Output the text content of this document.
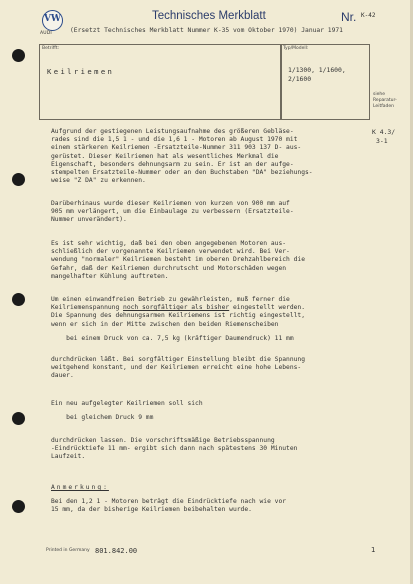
VW
AUDI
Technisches Merkblatt	Nr. K-42
(Ersetzt Technisches Merkblatt Nummer K-35 vom Oktober 1970) Januar 1971
Betrifft:	Typ/Modell:
Keilriemen	1/1300, 1/1600,
2/1600
siehe
Reparatur-
Leitfaden
K 4.3/
3-1
Aufgrund der gestiegenen Leistungsaufnahme des größeren Gebläse-
rades sind die 1,5 1 - und die 1,6 1 - Motoren ab August 1970 mit
einem stärkeren Keilriemen -Ersatzteile-Nummer 311 903 137 D- aus-
gerüstet. Dieser Keilriemen hat als wesentliches Merkmal die
Eigenschaft, besonders dehnungsarm zu sein. Er ist an der aufge-
stempelten Ersatzteile-Nummer oder an den Buchstaben "DA" beziehungs-
weise "Z DA" zu erkennen.
Darüberhinaus wurde dieser Keilriemen von kurzen von 900 mm auf
905 mm verlängert, um die Einbaulage zu verbessern (Ersatzteile-
Nummer unverändert).
Es ist sehr wichtig, daß bei den oben angegebenen Motoren aus-
schließlich der vorgenannte Keilriemen verwendet wird. Bei Ver-
wendung "normaler" Keilriemen besteht im oberen Drehzahlbereich die
Gefahr, daß der Keilriemen durchrutscht und Motorschäden wegen
mangelhafter Kühlung auftreten.
Um einen einwandfreien Betrieb zu gewährleisten, muß ferner die
Keilriemenspannung noch sorgfältiger als bisher eingestellt werden.
Die Spannung des dehnungsarmen Keilriemens ist richtig eingestellt,
wenn er sich in der Mitte zwischen den beiden Riemenscheiben
bei einem Druck von ca. 7,5 kg (kräftiger Daumendruck) 11 mm
durchdrücken läßt. Bei sorgfältiger Einstellung bleibt die Spannung
weitgehend konstant, und der Keilriemen erreicht eine hohe Lebens-
dauer.
Ein neu aufgelegter Keilriemen soll sich
bei gleichem Druck 9 mm
durchdrücken lassen. Die vorschriftsmäßige Betriebsspannung
-Eindrücktiefe 11 mm- ergibt sich dann nach spätestens 30 Minuten
Laufzeit.
Anmerkung:
Bei den 1,2 1 - Motoren beträgt die Eindrücktiefe nach wie vor
15 mm, da der bisherige Keilriemen beibehalten wurde.
Printed in Germany 801.842.00	1
